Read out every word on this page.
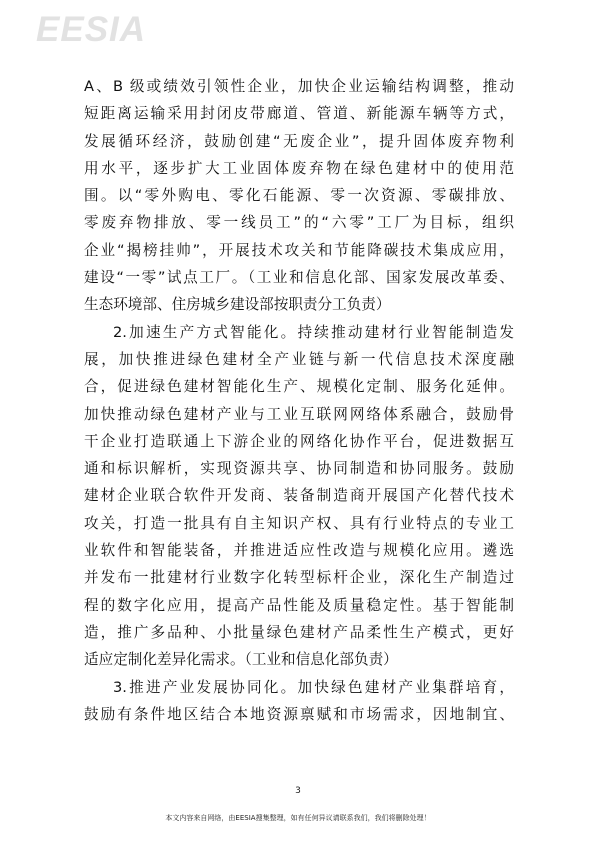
EESIA
A、B 级或绩效引领性企业，加快企业运输结构调整，推动
短距离运输采用封闭皮带廊道、管道、新能源车辆等方式，
发展循环经济，鼓励创建“无废企业”，提升固体废弃物利
用水平，逐步扩大工业固体废弃物在绿色建材中的使用范
围。以“零外购电、零化石能源、零一次资源、零碳排放、
零废弃物排放、零一线员工”的“六零”工厂为目标，组织
企业“揭榜挂帅”，开展技术攻关和节能降碳技术集成应用，
建设“一零”试点工厂。（工业和信息化部、国家发展改革委、
生态环境部、住房城乡建设部按职责分工负责）
2.加速生产方式智能化。持续推动建材行业智能制造发
展，加快推进绿色建材全产业链与新一代信息技术深度融
合，促进绿色建材智能化生产、规模化定制、服务化延伸。
加快推动绿色建材产业与工业互联网网络体系融合，鼓励骨
干企业打造联通上下游企业的网络化协作平台，促进数据互
通和标识解析，实现资源共享、协同制造和协同服务。鼓励
建材企业联合软件开发商、装备制造商开展国产化替代技术
攻关，打造一批具有自主知识产权、具有行业特点的专业工
业软件和智能装备，并推进适应性改造与规模化应用。遴选
并发布一批建材行业数字化转型标杆企业，深化生产制造过
程的数字化应用，提高产品性能及质量稳定性。基于智能制
造，推广多品种、小批量绿色建材产品柔性生产模式，更好
适应定制化差异化需求。（工业和信息化部负责）
3.推进产业发展协同化。加快绿色建材产业集群培育，
鼓励有条件地区结合本地资源禀赋和市场需求，因地制宜、
3
本文内容来自网络，由EESIA搜集整理，如有任何异议请联系我们，我们将删除处理！
